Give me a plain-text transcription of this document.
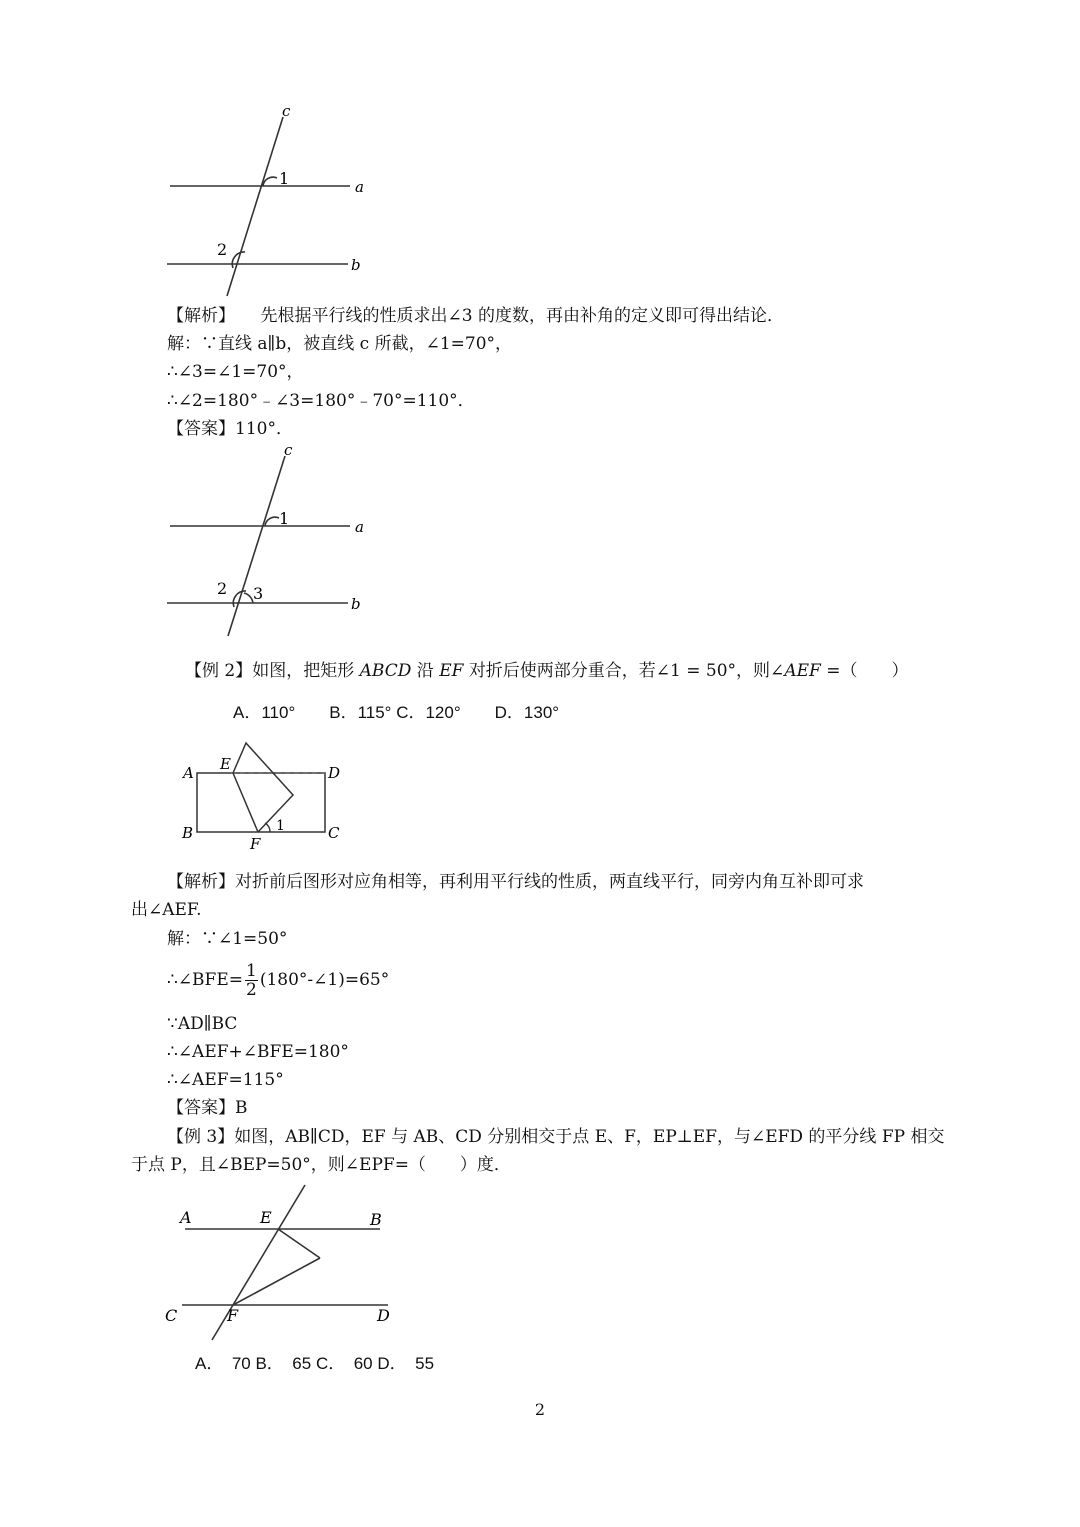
c
1	a
2
b
【解析】　　先根据平行线的性质求出∠3 的度数，再由补角的定义即可得出结论．
解：∵直线 a∥b，被直线 c 所截，∠1=70°，
∴∠3=∠1=70°，
∴∠2=180°﹣∠3=180°﹣70°=110°．
【答案】110°．
c
1	a
2 3
b
【例 2】如图，把矩形 ABCD 沿 EF 对折后使两部分重合，若∠1 = 50°，则∠AEF =（　　）
A．110°　　B．115° C．120°　　D．130°
A E	D
B	1	C
F
【解析】对折前后图形对应角相等，再利用平行线的性质，两直线平行，同旁内角互补即可求
出∠AEF.
解：∵∠1=50°
∴∠BFE= $\frac{1}{2}$ (180°-∠1)=65°
∵AD∥BC
∴∠AEF+∠BFE=180°
∴∠AEF=115°
【答案】B
【例 3】如图，AB∥CD，EF 与 AB、CD 分别相交于点 E、F，EP⊥EF，与∠EFD 的平分线 FP 相交
于点 P，且∠BEP=50°，则∠EPF=（　　）度．
A	E	B
C	F	D
A．　70 B．　65 C．　60 D．　55
2
